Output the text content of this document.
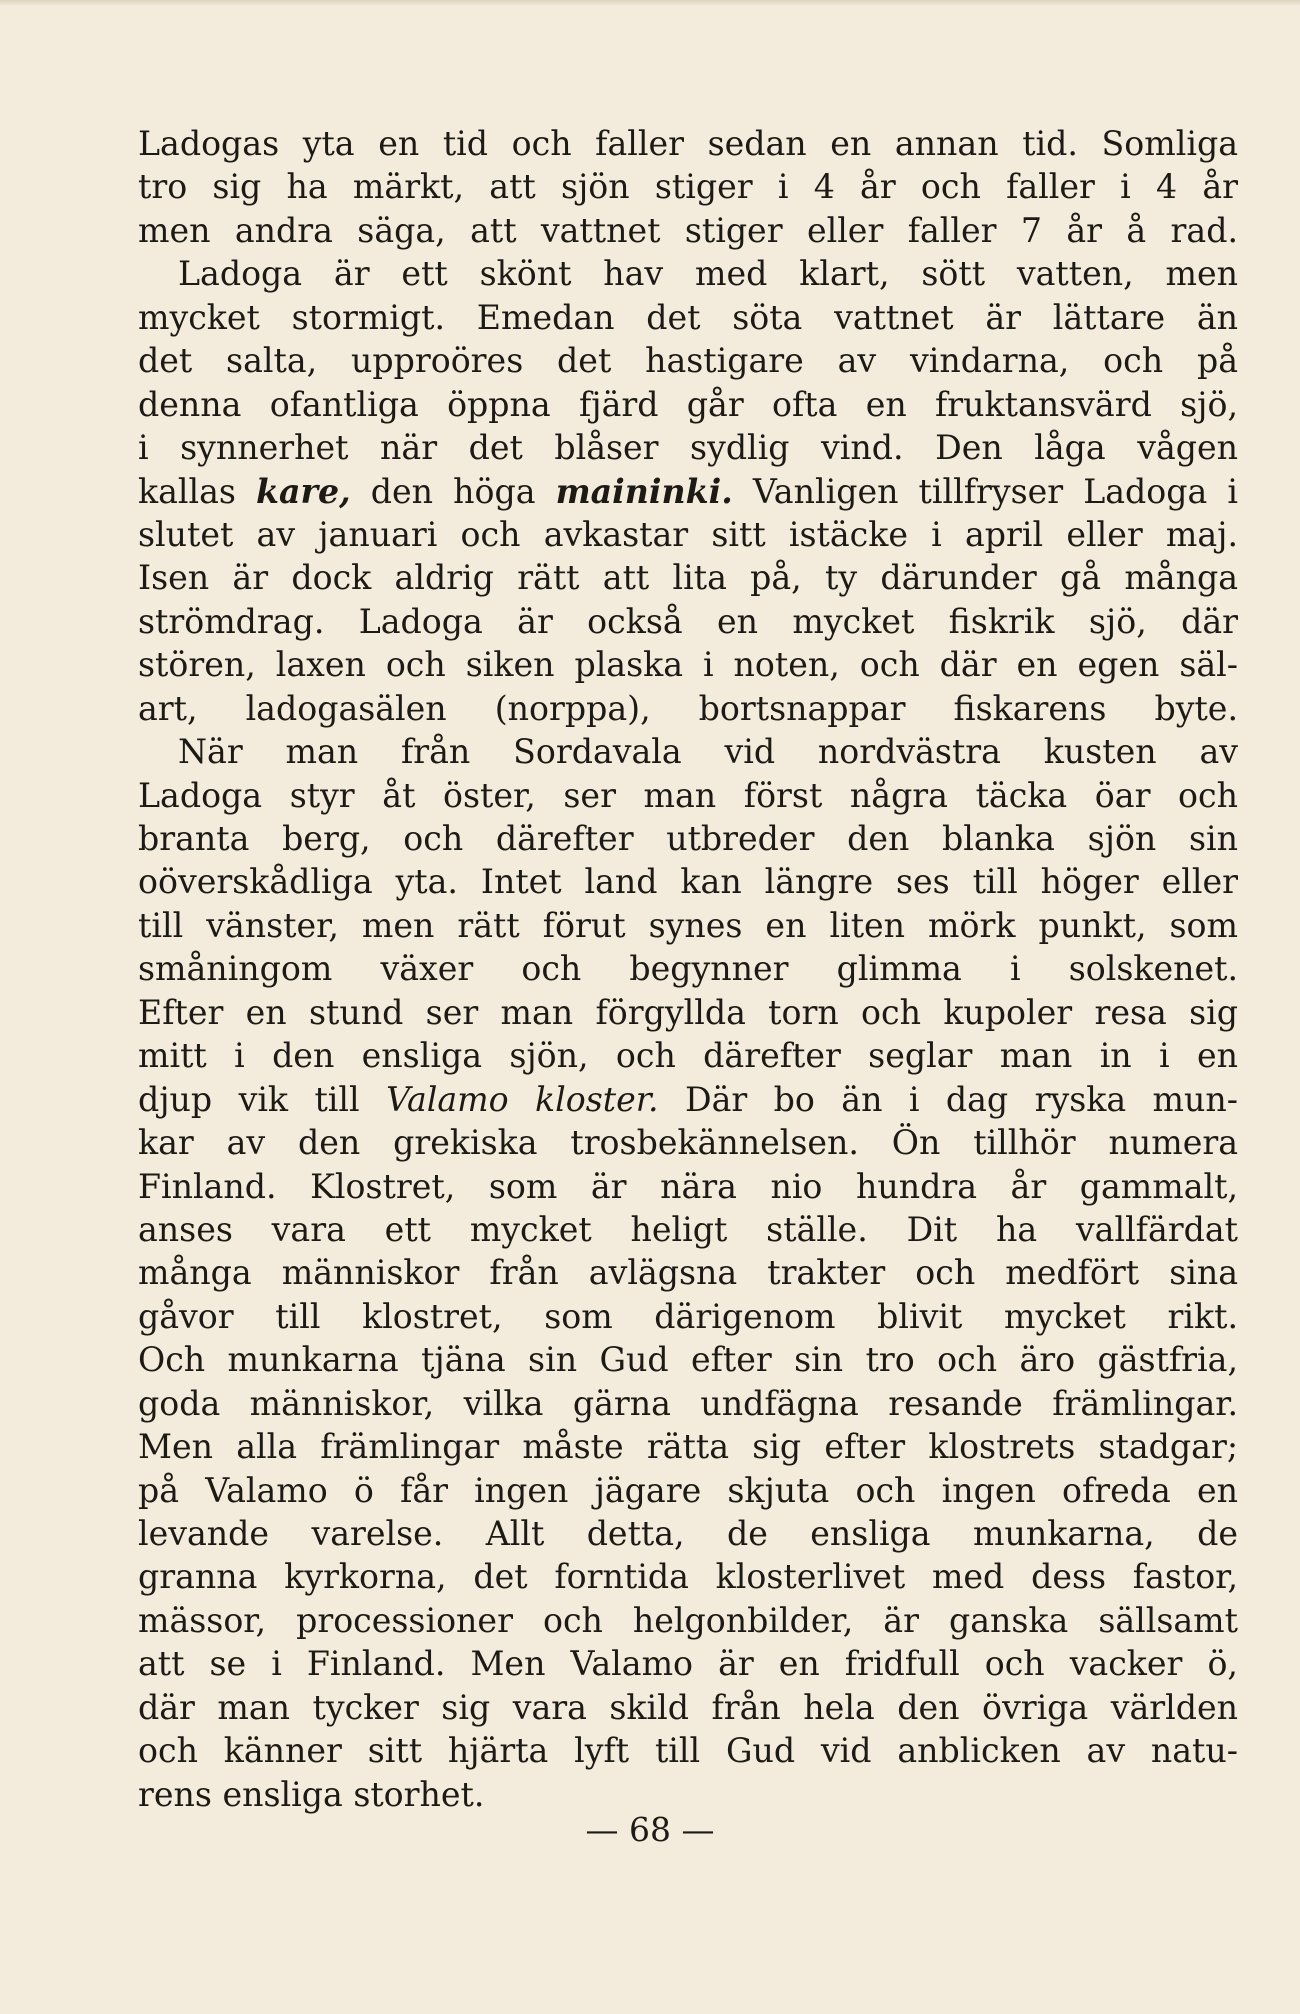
Ladogas yta en tid och faller sedan en annan tid. Somliga
tro sig ha märkt, att sjön stiger i 4 år och faller i 4 år
men andra säga, att vattnet stiger eller faller 7 år å rad.
Ladoga är ett skönt hav med klart, sött vatten, men
mycket stormigt. Emedan det söta vattnet är lättare än
det salta, upproöres det hastigare av vindarna, och på
denna ofantliga öppna fjärd går ofta en fruktansvärd sjö,
i synnerhet när det blåser sydlig vind. Den låga vågen
kallas kare, den höga maininki. Vanligen tillfryser Ladoga i
slutet av januari och avkastar sitt istäcke i april eller maj.
Isen är dock aldrig rätt att lita på, ty därunder gå många
strömdrag. Ladoga är också en mycket fiskrik sjö, där
stören, laxen och siken plaska i noten, och där en egen säl-
art, ladogasälen (norppa), bortsnappar fiskarens byte.
När man från Sordavala vid nordvästra kusten av
Ladoga styr åt öster, ser man först några täcka öar och
branta berg, och därefter utbreder den blanka sjön sin
oöverskådliga yta. Intet land kan längre ses till höger eller
till vänster, men rätt förut synes en liten mörk punkt, som
småningom växer och begynner glimma i solskenet.
Efter en stund ser man förgyllda torn och kupoler resa sig
mitt i den ensliga sjön, och därefter seglar man in i en
djup vik till Valamo kloster. Där bo än i dag ryska mun-
kar av den grekiska trosbekännelsen. Ön tillhör numera
Finland. Klostret, som är nära nio hundra år gammalt,
anses vara ett mycket heligt ställe. Dit ha vallfärdat
många människor från avlägsna trakter och medfört sina
gåvor till klostret, som därigenom blivit mycket rikt.
Och munkarna tjäna sin Gud efter sin tro och äro gästfria,
goda människor, vilka gärna undfägna resande främlingar.
Men alla främlingar måste rätta sig efter klostrets stadgar;
på Valamo ö får ingen jägare skjuta och ingen ofreda en
levande varelse. Allt detta, de ensliga munkarna, de
granna kyrkorna, det forntida klosterlivet med dess fastor,
mässor, processioner och helgonbilder, är ganska sällsamt
att se i Finland. Men Valamo är en fridfull och vacker ö,
där man tycker sig vara skild från hela den övriga världen
och känner sitt hjärta lyft till Gud vid anblicken av natu-
rens ensliga storhet.
— 68 —
